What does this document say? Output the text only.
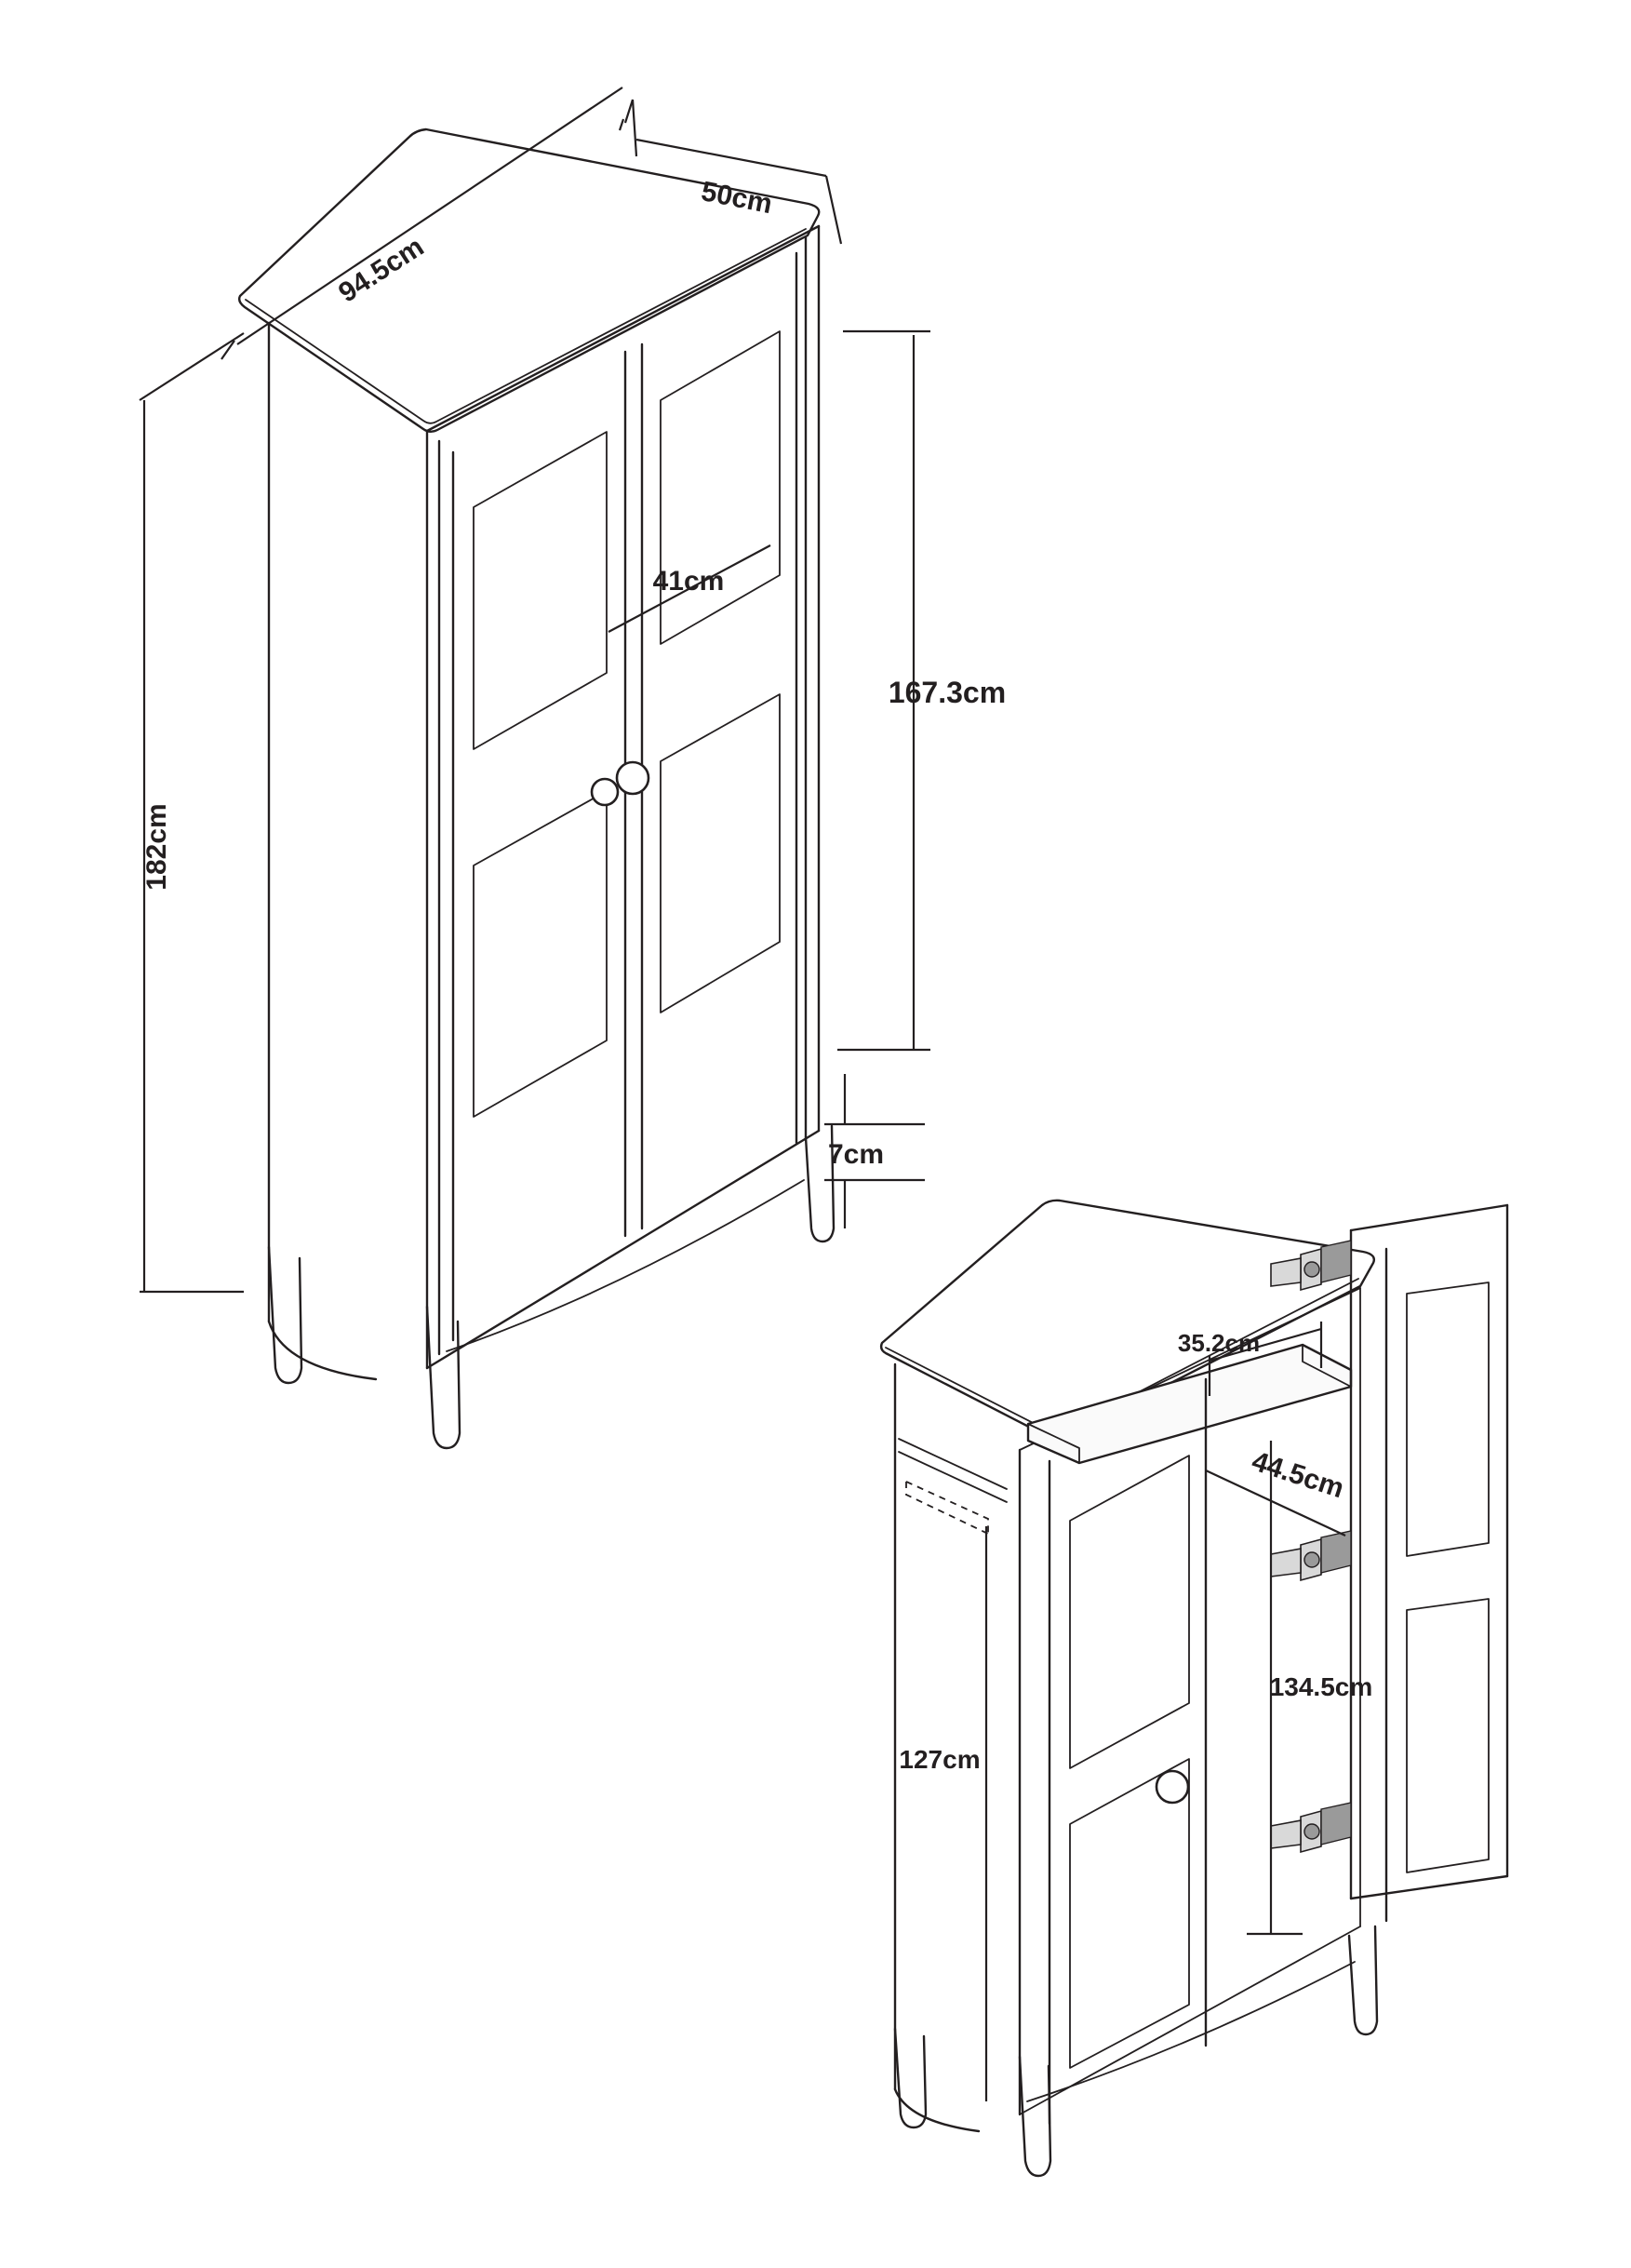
94.5cm
50cm
41cm
182cm
167.3cm
7cm
35.2cm
44.5cm
134.5cm
127cm
